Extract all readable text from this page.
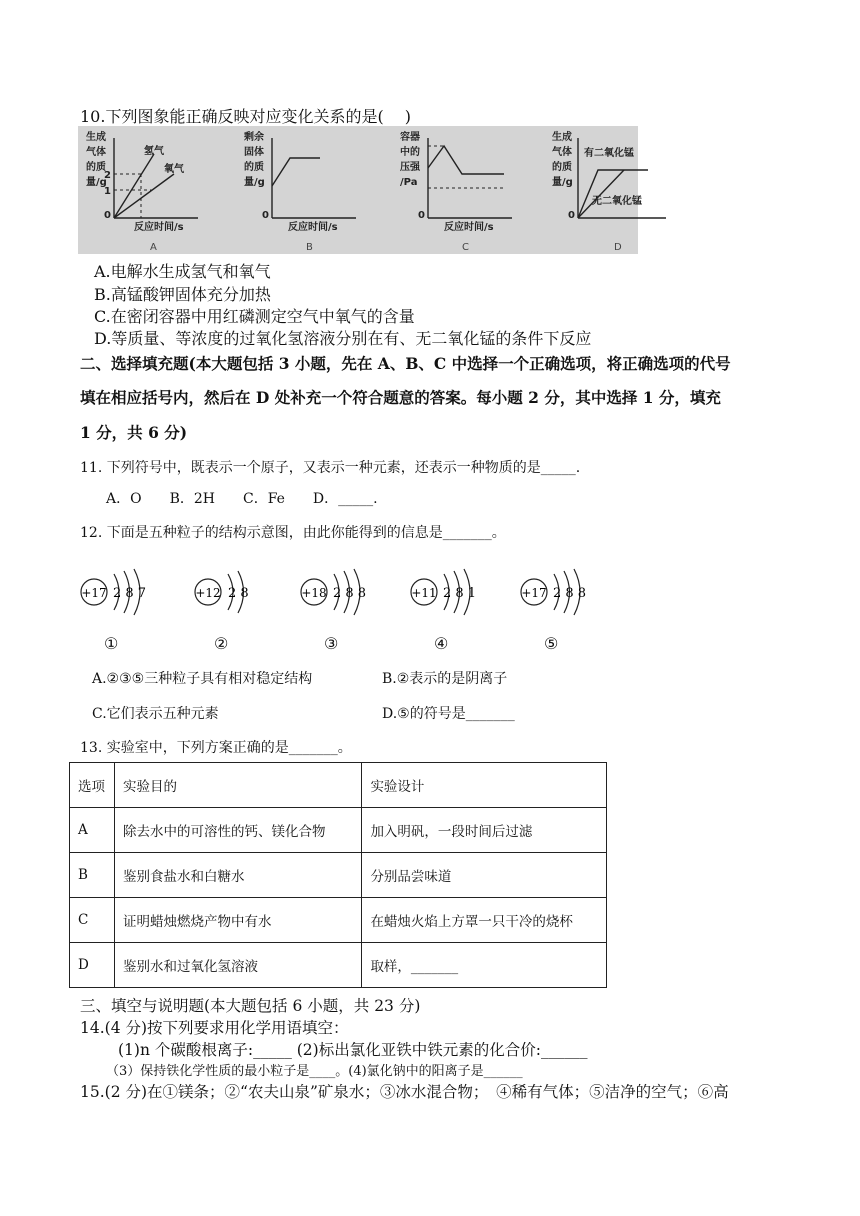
10.下列图象能正确反映对应变化关系的是(　 )
生成
气体
的质
量/g
反应时间/s
氢气
氧气
2
1
0
A
剩余
固体
的质
量/g
反应时间/s
0
B
容器
中的
压强
/Pa
反应时间/s
0
C
生成
气体
的质
量/g
有二氧化锰
无二氧化锰
0
D
A.电解水生成氢气和氧气
B.高锰酸钾固体充分加热
C.在密闭容器中用红磷测定空气中氧气的含量
D.等质量、等浓度的过氧化氢溶液分别在有、无二氧化锰的条件下反应
二、选择填充题(本大题包括 3 小题，先在 A、B、C 中选择一个正确选项，将正确选项的代号
填在相应括号内，然后在 D 处补充一个符合题意的答案。每小题 2 分，其中选择 1 分，填充
1 分，共 6 分)
11. 下列符号中，既表示一个原子，又表示一种元素，还表示一种物质的是_____.
A．O　　B．2H　　C．Fe　　D．_____.
12. 下面是五种粒子的结构示意图，由此你能得到的信息是_______。
+17 2 8 7	+12 2 8	+18 2 8 8	+11 2 8 1	+17 2 8 8
①	②	③	④	⑤
A.②③⑤三种粒子具有相对稳定结构	B.②表示的是阴离子
C.它们表示五种元素	D.⑤的符号是_______
13. 实验室中，下列方案正确的是_______。
选项	实验目的	实验设计
A	除去水中的可溶性的钙、镁化合物	加入明矾，一段时间后过滤
B	鉴别食盐水和白糖水	分别品尝味道
C	证明蜡烛燃烧产物中有水	在蜡烛火焰上方罩一只干冷的烧杯
D	鉴别水和过氧化氢溶液	取样，_______
三、填空与说明题(本大题包括 6 小题，共 23 分)
14.(4 分)按下列要求用化学用语填空：
(1)n 个碳酸根离子:_____ (2)标出氯化亚铁中铁元素的化合价:______
（3）保持铁化学性质的最小粒子是____。(4)氯化钠中的阳离子是______
15.(2 分)在①镁条；②“农夫山泉”矿泉水；③冰水混合物；　④稀有气体；⑤洁净的空气；⑥高
